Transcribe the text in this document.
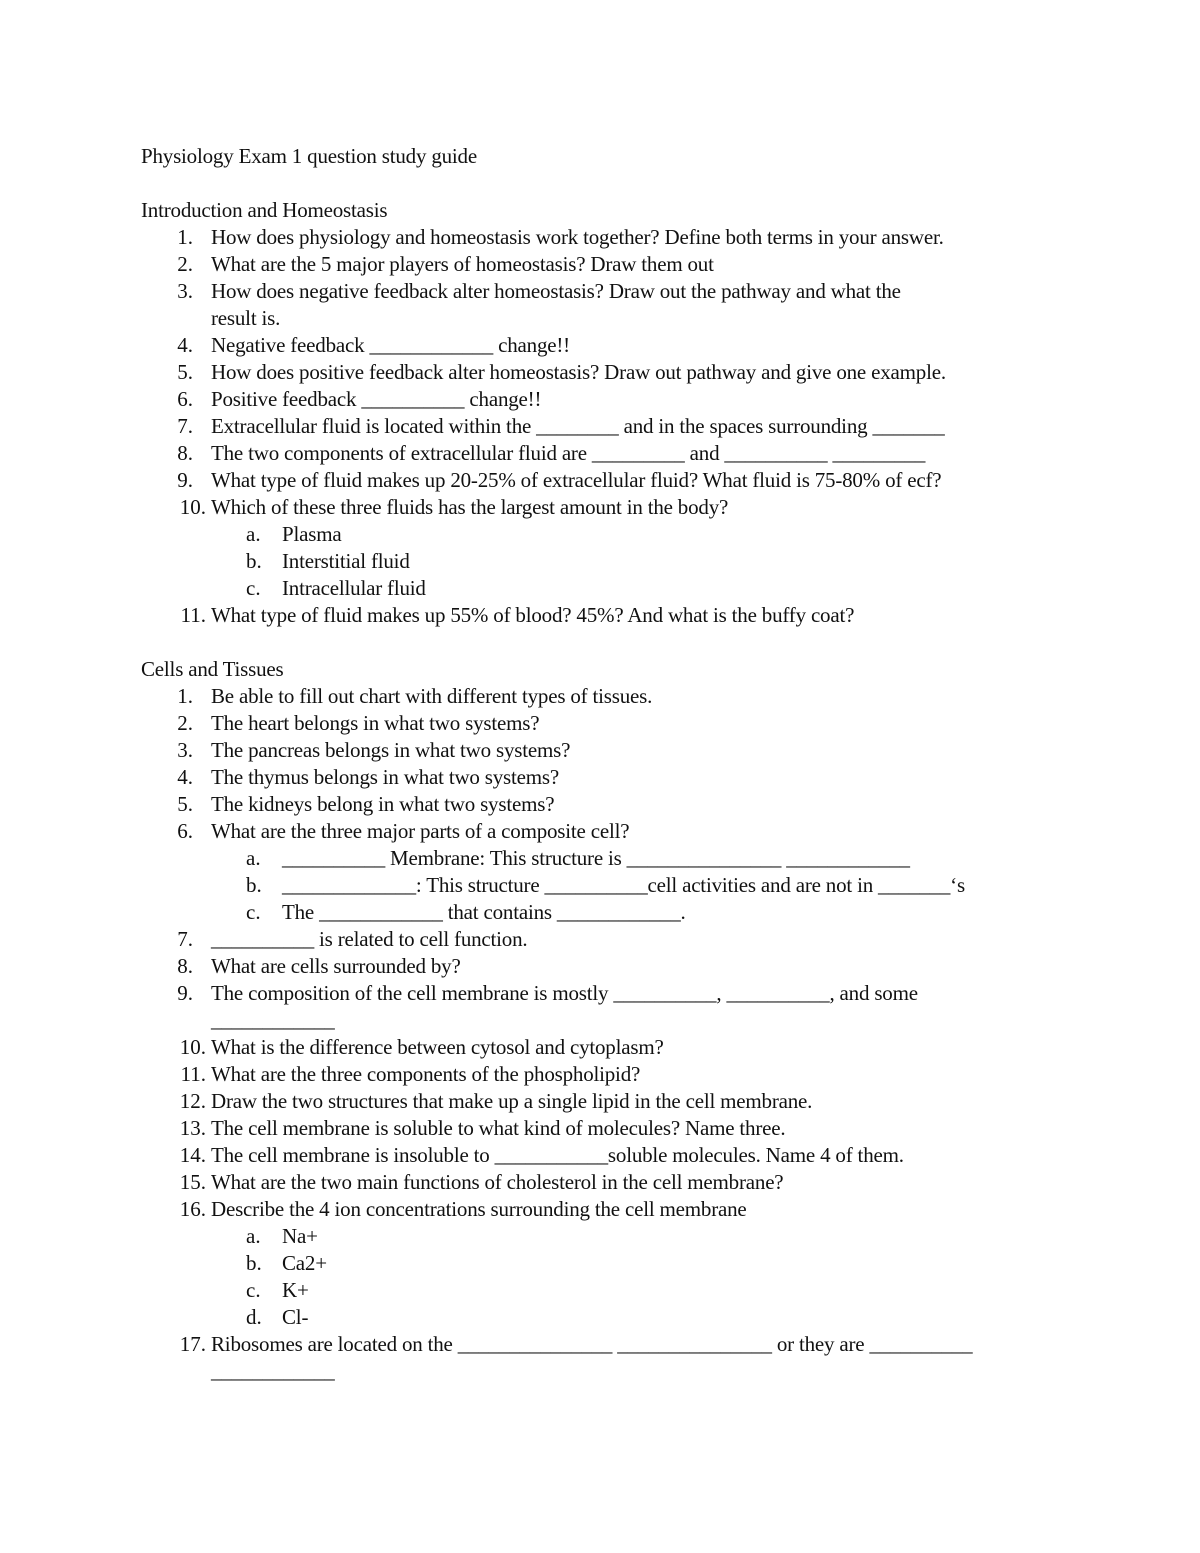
Physiology Exam 1 question study guide
Introduction and Homeostasis
1. How does physiology and homeostasis work together? Define both terms in your answer.
2. What are the 5 major players of homeostasis? Draw them out
3. How does negative feedback alter homeostasis? Draw out the pathway and what the
result is.
4. Negative feedback ____________ change!!
5. How does positive feedback alter homeostasis? Draw out pathway and give one example.
6. Positive feedback __________ change!!
7. Extracellular fluid is located within the ________ and in the spaces surrounding _______
8. The two components of extracellular fluid are _________ and __________ _________
9. What type of fluid makes up 20-25% of extracellular fluid? What fluid is 75-80% of ecf?
10. Which of these three fluids has the largest amount in the body?
a.	Plasma
b. Interstitial fluid
c.	Intracellular fluid
11. What type of fluid makes up 55% of blood? 45%? And what is the buffy coat?
Cells and Tissues
1. Be able to fill out chart with different types of tissues.
2. The heart belongs in what two systems?
3. The pancreas belongs in what two systems?
4. The thymus belongs in what two systems?
5. The kidneys belong in what two systems?
6. What are the three major parts of a composite cell?
a.	__________ Membrane: This structure is _______________ ____________
b. _____________: This structure __________cell activities and are not in _______‘s
c.	The ____________ that contains ____________.
7. __________ is related to cell function.
8. What are cells surrounded by?
9. The composition of the cell membrane is mostly __________, __________, and some
____________
10. What is the difference between cytosol and cytoplasm?
11. What are the three components of the phospholipid?
12. Draw the two structures that make up a single lipid in the cell membrane.
13. The cell membrane is soluble to what kind of molecules? Name three.
14. The cell membrane is insoluble to ___________soluble molecules. Name 4 of them.
15. What are the two main functions of cholesterol in the cell membrane?
16. Describe the 4 ion concentrations surrounding the cell membrane
a.	Na+
b. Ca2+
c.	K+
d. Cl-
17. Ribosomes are located on the _______________ _______________ or they are __________
____________
